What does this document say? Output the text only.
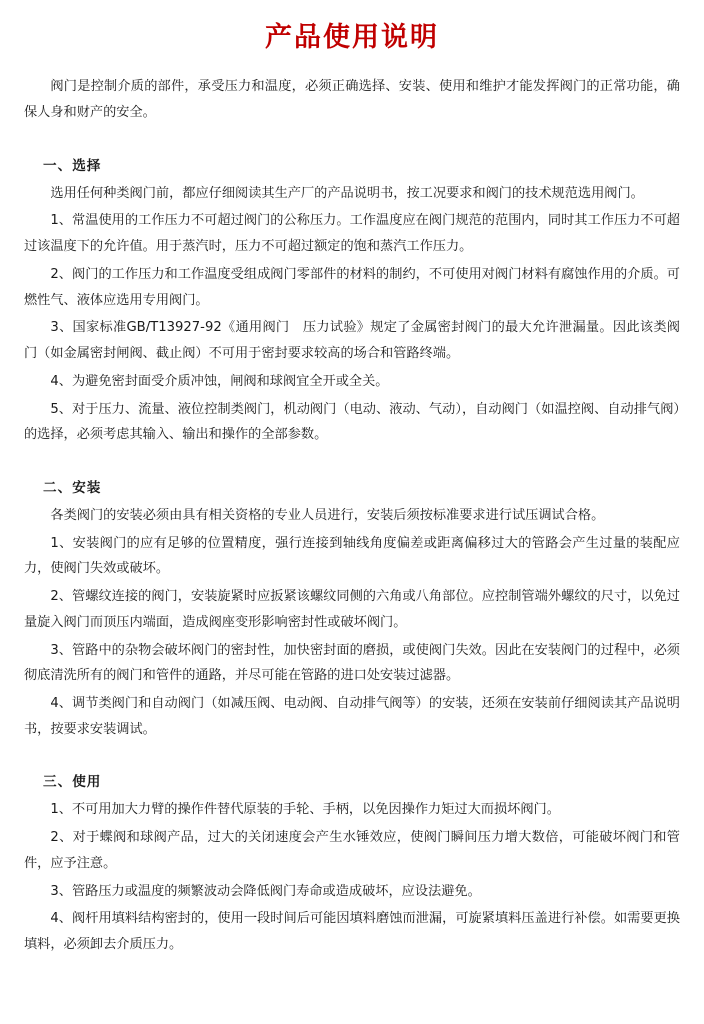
产品使用说明

阀门是控制介质的部件，承受压力和温度，必须正确选择、安装、使用和维护才能发挥阀门的正常功能，确保人身和财产的安全。

一、选择

选用任何种类阀门前，都应仔细阅读其生产厂的产品说明书，按工况要求和阀门的技术规范选用阀门。

1、常温使用的工作压力不可超过阀门的公称压力。工作温度应在阀门规范的范围内，同时其工作压力不可超过该温度下的允许值。用于蒸汽时，压力不可超过额定的饱和蒸汽工作压力。

2、阀门的工作压力和工作温度受组成阀门零部件的材料的制约，不可使用对阀门材料有腐蚀作用的介质。可燃性气、液体应选用专用阀门。

3、国家标准GB/T13927-92《通用阀门　压力试验》规定了金属密封阀门的最大允许泄漏量。因此该类阀门（如金属密封闸阀、截止阀）不可用于密封要求较高的场合和管路终端。

4、为避免密封面受介质冲蚀，闸阀和球阀宜全开或全关。

5、对于压力、流量、液位控制类阀门，机动阀门（电动、液动、气动），自动阀门（如温控阀、自动排气阀）的选择，必须考虑其输入、输出和操作的全部参数。

二、安装

各类阀门的安装必须由具有相关资格的专业人员进行，安装后须按标准要求进行试压调试合格。

1、安装阀门的应有足够的位置精度，强行连接到轴线角度偏差或距离偏移过大的管路会产生过量的装配应力，使阀门失效或破坏。

2、管螺纹连接的阀门，安装旋紧时应扳紧该螺纹同侧的六角或八角部位。应控制管端外螺纹的尺寸，以免过量旋入阀门而顶压内端面，造成阀座变形影响密封性或破坏阀门。

3、管路中的杂物会破坏阀门的密封性，加快密封面的磨损，或使阀门失效。因此在安装阀门的过程中，必须彻底清洗所有的阀门和管件的通路，并尽可能在管路的进口处安装过滤器。

4、调节类阀门和自动阀门（如减压阀、电动阀、自动排气阀等）的安装，还须在安装前仔细阅读其产品说明书，按要求安装调试。

三、使用

1、不可用加大力臂的操作件替代原装的手轮、手柄，以免因操作力矩过大而损坏阀门。

2、对于蝶阀和球阀产品，过大的关闭速度会产生水锤效应，使阀门瞬间压力增大数倍，可能破坏阀门和管件，应予注意。

3、管路压力或温度的频繁波动会降低阀门寿命或造成破坏，应设法避免。

4、阀杆用填料结构密封的，使用一段时间后可能因填料磨蚀而泄漏，可旋紧填料压盖进行补偿。如需要更换填料，必须卸去介质压力。
